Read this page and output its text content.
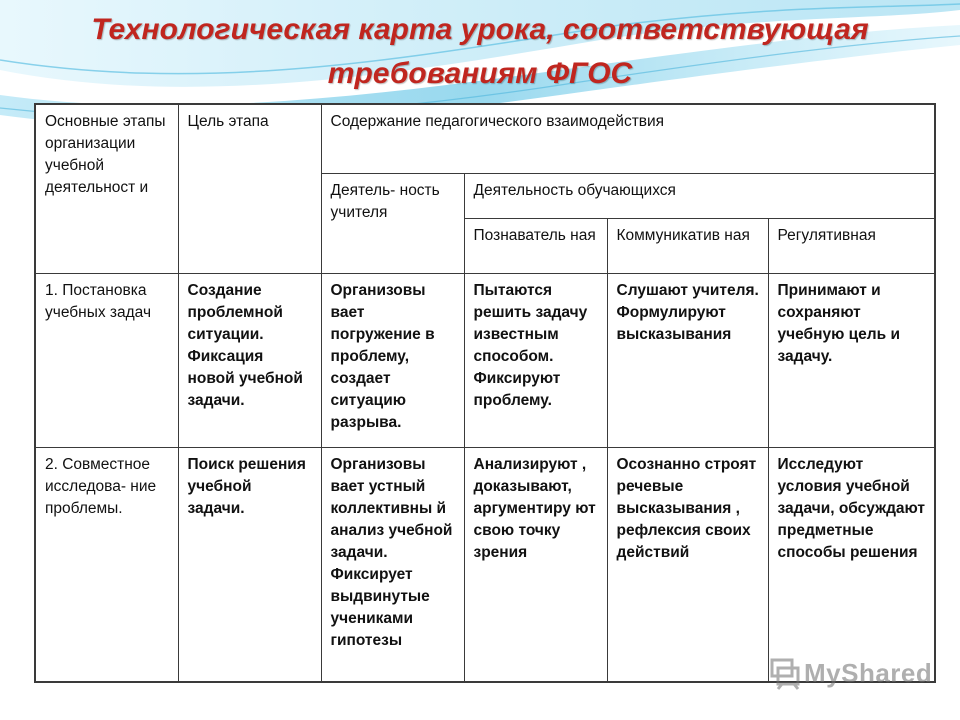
Технологическая карта урока, соответствующая
требованиям ФГОС
Основные этапы организации учебной деятельност и	Цель этапа	Содержание педагогического взаимодействия			
		Деятель- ность учителя	Деятельность обучающихся		
			Познаватель ная	Коммуникатив ная	Регулятивная
1. Постановка учебных задач	Создание проблемной ситуации. Фиксация новой учебной задачи.	Организовы вает погружение в проблему, создает ситуацию разрыва.	Пытаются решить задачу известным способом. Фиксируют проблему.	Слушают учителя. Формулируют высказывания	Принимают и сохраняют учебную цель и задачу.
2. Совместное исследова- ние проблемы.	Поиск решения учебной задачи.	Организовы вает устный коллективны й анализ учебной задачи. Фиксирует выдвинутые учениками гипотезы	Анализируют , доказывают, аргументиру ют свою точку зрения	Осознанно строят речевые высказывания , рефлексия своих действий	Исследуют условия учебной задачи, обсуждают предметные способы решения
MyShared
